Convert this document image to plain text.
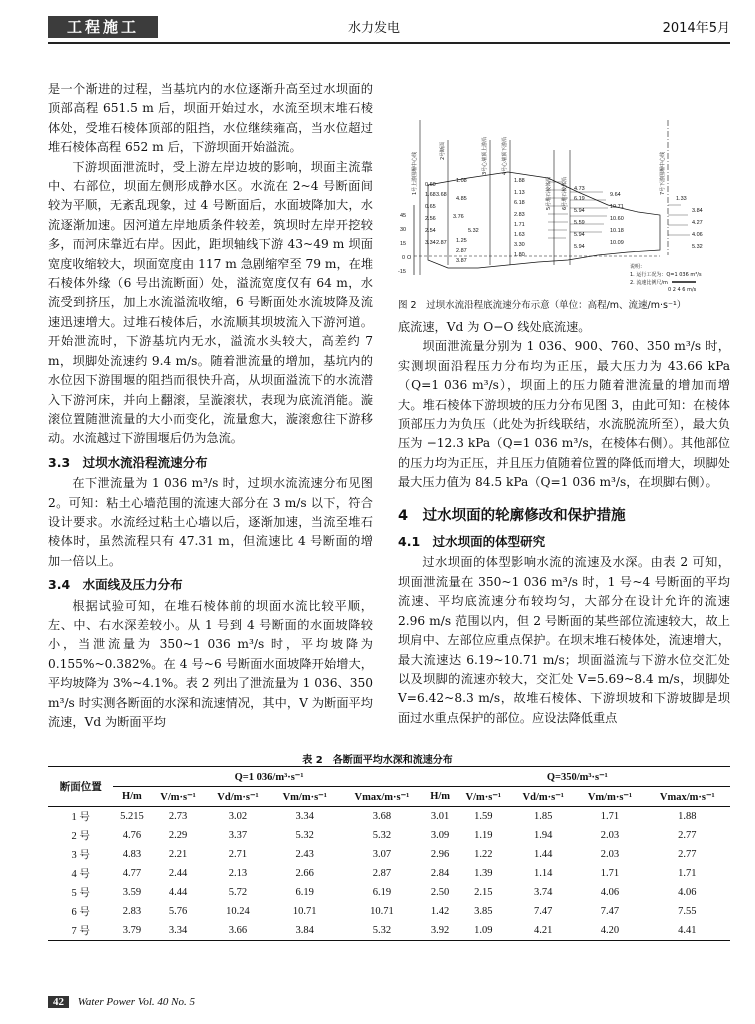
工程施工	水力发电	2014年5月

是一个渐进的过程，当基坑内的水位逐渐升高至过水坝面的顶部高程 651.5 m 后，坝面开始过水，水流至坝末堆石棱体处，受堆石棱体顶部的阻挡，水位继续雍高，当水位超过堆石棱体高程 652 m 后，下游坝面开始溢流。

下游坝面泄流时，受上游左岸边坡的影响，坝面主流靠中、右部位，坝面左侧形成静水区。水流在 2~4 号断面间较为平顺，无紊乱现象，过 4 号断面后，水面坡降加大，水流逐渐加速。因河道左岸地质条件较差，筑坝时左岸开挖较多，而河床靠近右岸。因此，距坝轴线下游 43~49 m 坝面宽度收缩较大，坝面宽度由 117 m 急剧缩窄至 79 m，在堆石棱体外缘（6 号出流断面）处，溢流宽度仅有 64 m，水流受到挤压，加上水流溢流收缩，6 号断面处水流坡降及流速迅速增大。过堆石棱体后，水流顺其坝坡流入下游河道。开始泄流时，下游基坑内无水，溢流水头较大，高差约 7 m，坝脚处流速约 9.4 m/s。随着泄流量的增加，基坑内的水位因下游围堰的阻挡而很快升高，从坝面溢流下的水流潜入下游河床，并向上翻滚，呈漩滚状，表现为底流消能。漩滚位置随泄流量的大小而变化，流量愈大，漩滚愈往下游移动。水流越过下游围堰后仍为急流。

3.3　过坝水流沿程流速分布

在下泄流量为 1 036 m³/s 时，过坝水流流速分布见图 2。可知：粘土心墙范围的流速大部分在 3 m/s 以下，符合设计要求。水流经过粘土心墙以后，逐渐加速，当流至堆石棱体时，虽然流程只有 47.31 m，但流速比 4 号断面的增加一倍以上。

3.4　水面线及压力分布

根据试验可知，在堆石棱体前的坝面水流比较平顺，左、中、右水深差较小。从 1 号到 4 号断面的水面坡降较小，当泄流量为 350~1 036 m³/s 时，平均坡降为 0.155%~0.382%。在 4 号~6 号断面水面坡降开始增大，平均坡降为 3%~4.1%。表 2 列出了泄流量为 1 036、350 m³/s 时实测各断面的水深和流速情况，其中，V 为断面平均流速，Vd 为断面平均

45
30
15
0 O
-15
1号上游围堰中心线
2号断面	3号心墙顶上游沿	4号心墙顶下游沿
5号堆石棱体沿 6号堆石棱体沿	7号下游围堰中心线
0.60
1.68 3.68
0.65
2.56
2.54
3.34 2.87
1.08
4.85
3.76
5.32
1.25
2.87
3.87
1.88
1.13
6.18
2.83
1.71
1.63
3.30
1.80
4.73
6.19
5.94
5.59
5.94
5.94
9.64
10.71
10.60
10.18
10.09
1.33
3.84
4.27
4.06
5.32
说明：
1. 运行工况为：Q=1 036 m³/s
2. 流速比例尺/m
0 2 4 6 m/s
图 2　过坝水流沿程底流速分布示意（单位：高程/m、流速/m·s⁻¹）

底流速，Vd 为 O−O 线处底流速。

坝面泄流量分别为 1 036、900、760、350 m³/s 时，实测坝面沿程压力分布均为正压，最大压力为 43.66 kPa（Q=1 036 m³/s），坝面上的压力随着泄流量的增加而增大。堆石棱体下游坝坡的压力分布见图 3，由此可知：在棱体顶部压力为负压（此处为折线联结，水流脱流所至），最大负压为 −12.3 kPa（Q=1 036 m³/s，在棱体右侧）。其他部位的压力均为正压，并且压力值随着位置的降低而增大，坝脚处最大压力值为 84.5 kPa（Q=1 036 m³/s，在坝脚右侧）。

4　过水坝面的轮廓修改和保护措施
4.1　过水坝面的体型研究

过水坝面的体型影响水流的流速及水深。由表 2 可知，坝面泄流量在 350~1 036 m³/s 时，1 号~4 号断面的平均流速、平均底流速分布较均匀，大部分在设计允许的流速 2.96 m/s 范围以内，但 2 号断面的某些部位流速较大，故上坝肩中、左部位应重点保护。在坝末堆石棱体处，流速增大，最大流速达 6.19~10.71 m/s；坝面溢流与下游水位交汇处以及坝脚的流速亦较大，交汇处 V=5.69~8.4 m/s，坝脚处 V=6.42~8.3 m/s，故堆石棱体、下游坝坡和下游坡脚是坝面过水重点保护的部位。应设法降低重点

表 2　各断面平均水深和流速分布
断面位置	Q=1 036/m³·s⁻¹					Q=350/m³·s⁻¹				
	H/m	V/m·s⁻¹	Vd/m·s⁻¹	Vm/m·s⁻¹	Vmax/m·s⁻¹	H/m	V/m·s⁻¹	Vd/m·s⁻¹	Vm/m·s⁻¹	Vmax/m·s⁻¹
1 号	5.215	2.73	3.02	3.34	3.68	3.01	1.59	1.85	1.71	1.88
2 号	4.76	2.29	3.37	5.32	5.32	3.09	1.19	1.94	2.03	2.77
3 号	4.83	2.21	2.71	2.43	3.07	2.96	1.22	1.44	2.03	2.77
4 号	4.77	2.44	2.13	2.66	2.87	2.84	1.39	1.14	1.71	1.71
5 号	3.59	4.44	5.72	6.19	6.19	2.50	2.15	3.74	4.06	4.06
6 号	2.83	5.76	10.24	10.71	10.71	1.42	3.85	7.47	7.47	7.55
7 号	3.79	3.34	3.66	3.84	5.32	3.92	1.09	4.21	4.20	4.41
42 Water Power Vol. 40 No. 5
